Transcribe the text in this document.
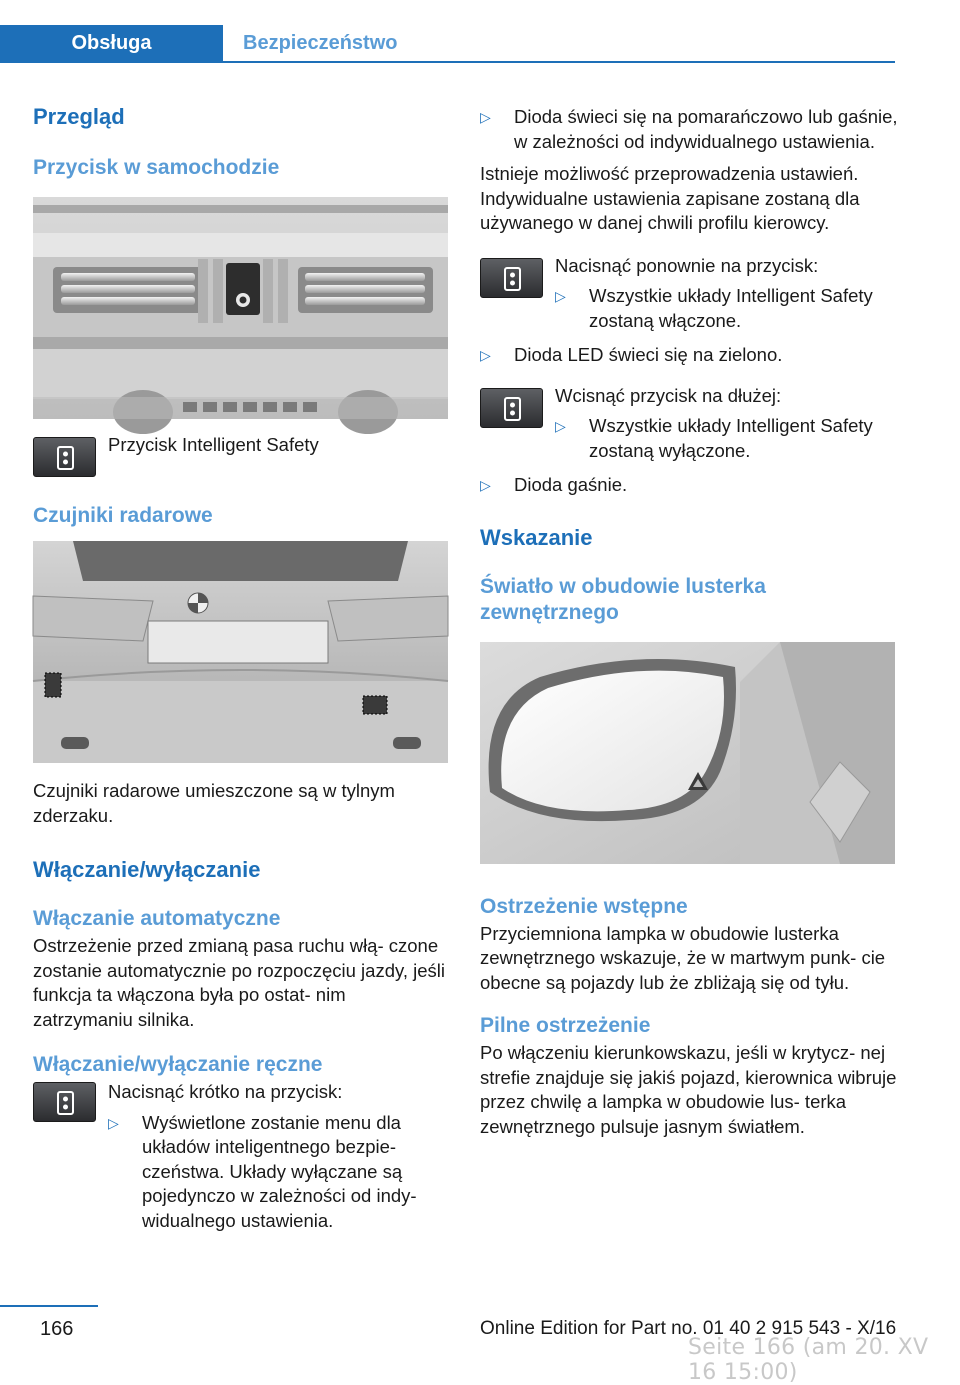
Obsługa	Bezpieczeństwo
Przegląd
Przycisk w samochodzie
Przycisk Intelligent Safety
Czujniki radarowe
Czujniki radarowe umieszczone są w tylnym zderzaku.
Włączanie/wyłączanie
Włączanie automatyczne
Ostrzeżenie przed zmianą pasa ruchu włą‐ czone zostanie automatycznie po rozpoczęciu jazdy, jeśli funkcja ta włączona była po ostat‐ nim zatrzymaniu silnika.
Włączanie/wyłączanie ręczne
Nacisnąć krótko na przycisk:
▷	Wyświetlone zostanie menu dla układów inteligentnego bezpie‐ czeństwa. Układy wyłączane są pojedynczo w zależności od indy‐ widualnego ustawienia.
▷	Dioda świeci się na pomarańczowo lub gaśnie, w zależności od indywidualnego ustawienia.
Istnieje możliwość przeprowadzenia ustawień. Indywidualne ustawienia zapisane zostaną dla używanego w danej chwili profilu kierowcy.
Nacisnąć ponownie na przycisk:
▷	Wszystkie układy Intelligent Safety zostaną włączone.
▷	Dioda LED świeci się na zielono.
Wcisnąć przycisk na dłużej:
▷	Wszystkie układy Intelligent Safety zostaną wyłączone.
▷	Dioda gaśnie.
Wskazanie
Światło w obudowie lusterka zewnętrznego
Ostrzeżenie wstępne
Przyciemniona lampka w obudowie lusterka zewnętrznego wskazuje, że w martwym punk‐ cie obecne są pojazdy lub że zbliżają się od tyłu.
Pilne ostrzeżenie
Po włączeniu kierunkowskazu, jeśli w krytycz‐ nej strefie znajduje się jakiś pojazd, kierownica wibruje przez chwilę a lampka w obudowie lus‐ terka zewnętrznego pulsuje jasnym światłem.
166	Online Edition for Part no. 01 40 2 915 543 - X/16
Seite 166 (am 20. XV 16 15:00)
